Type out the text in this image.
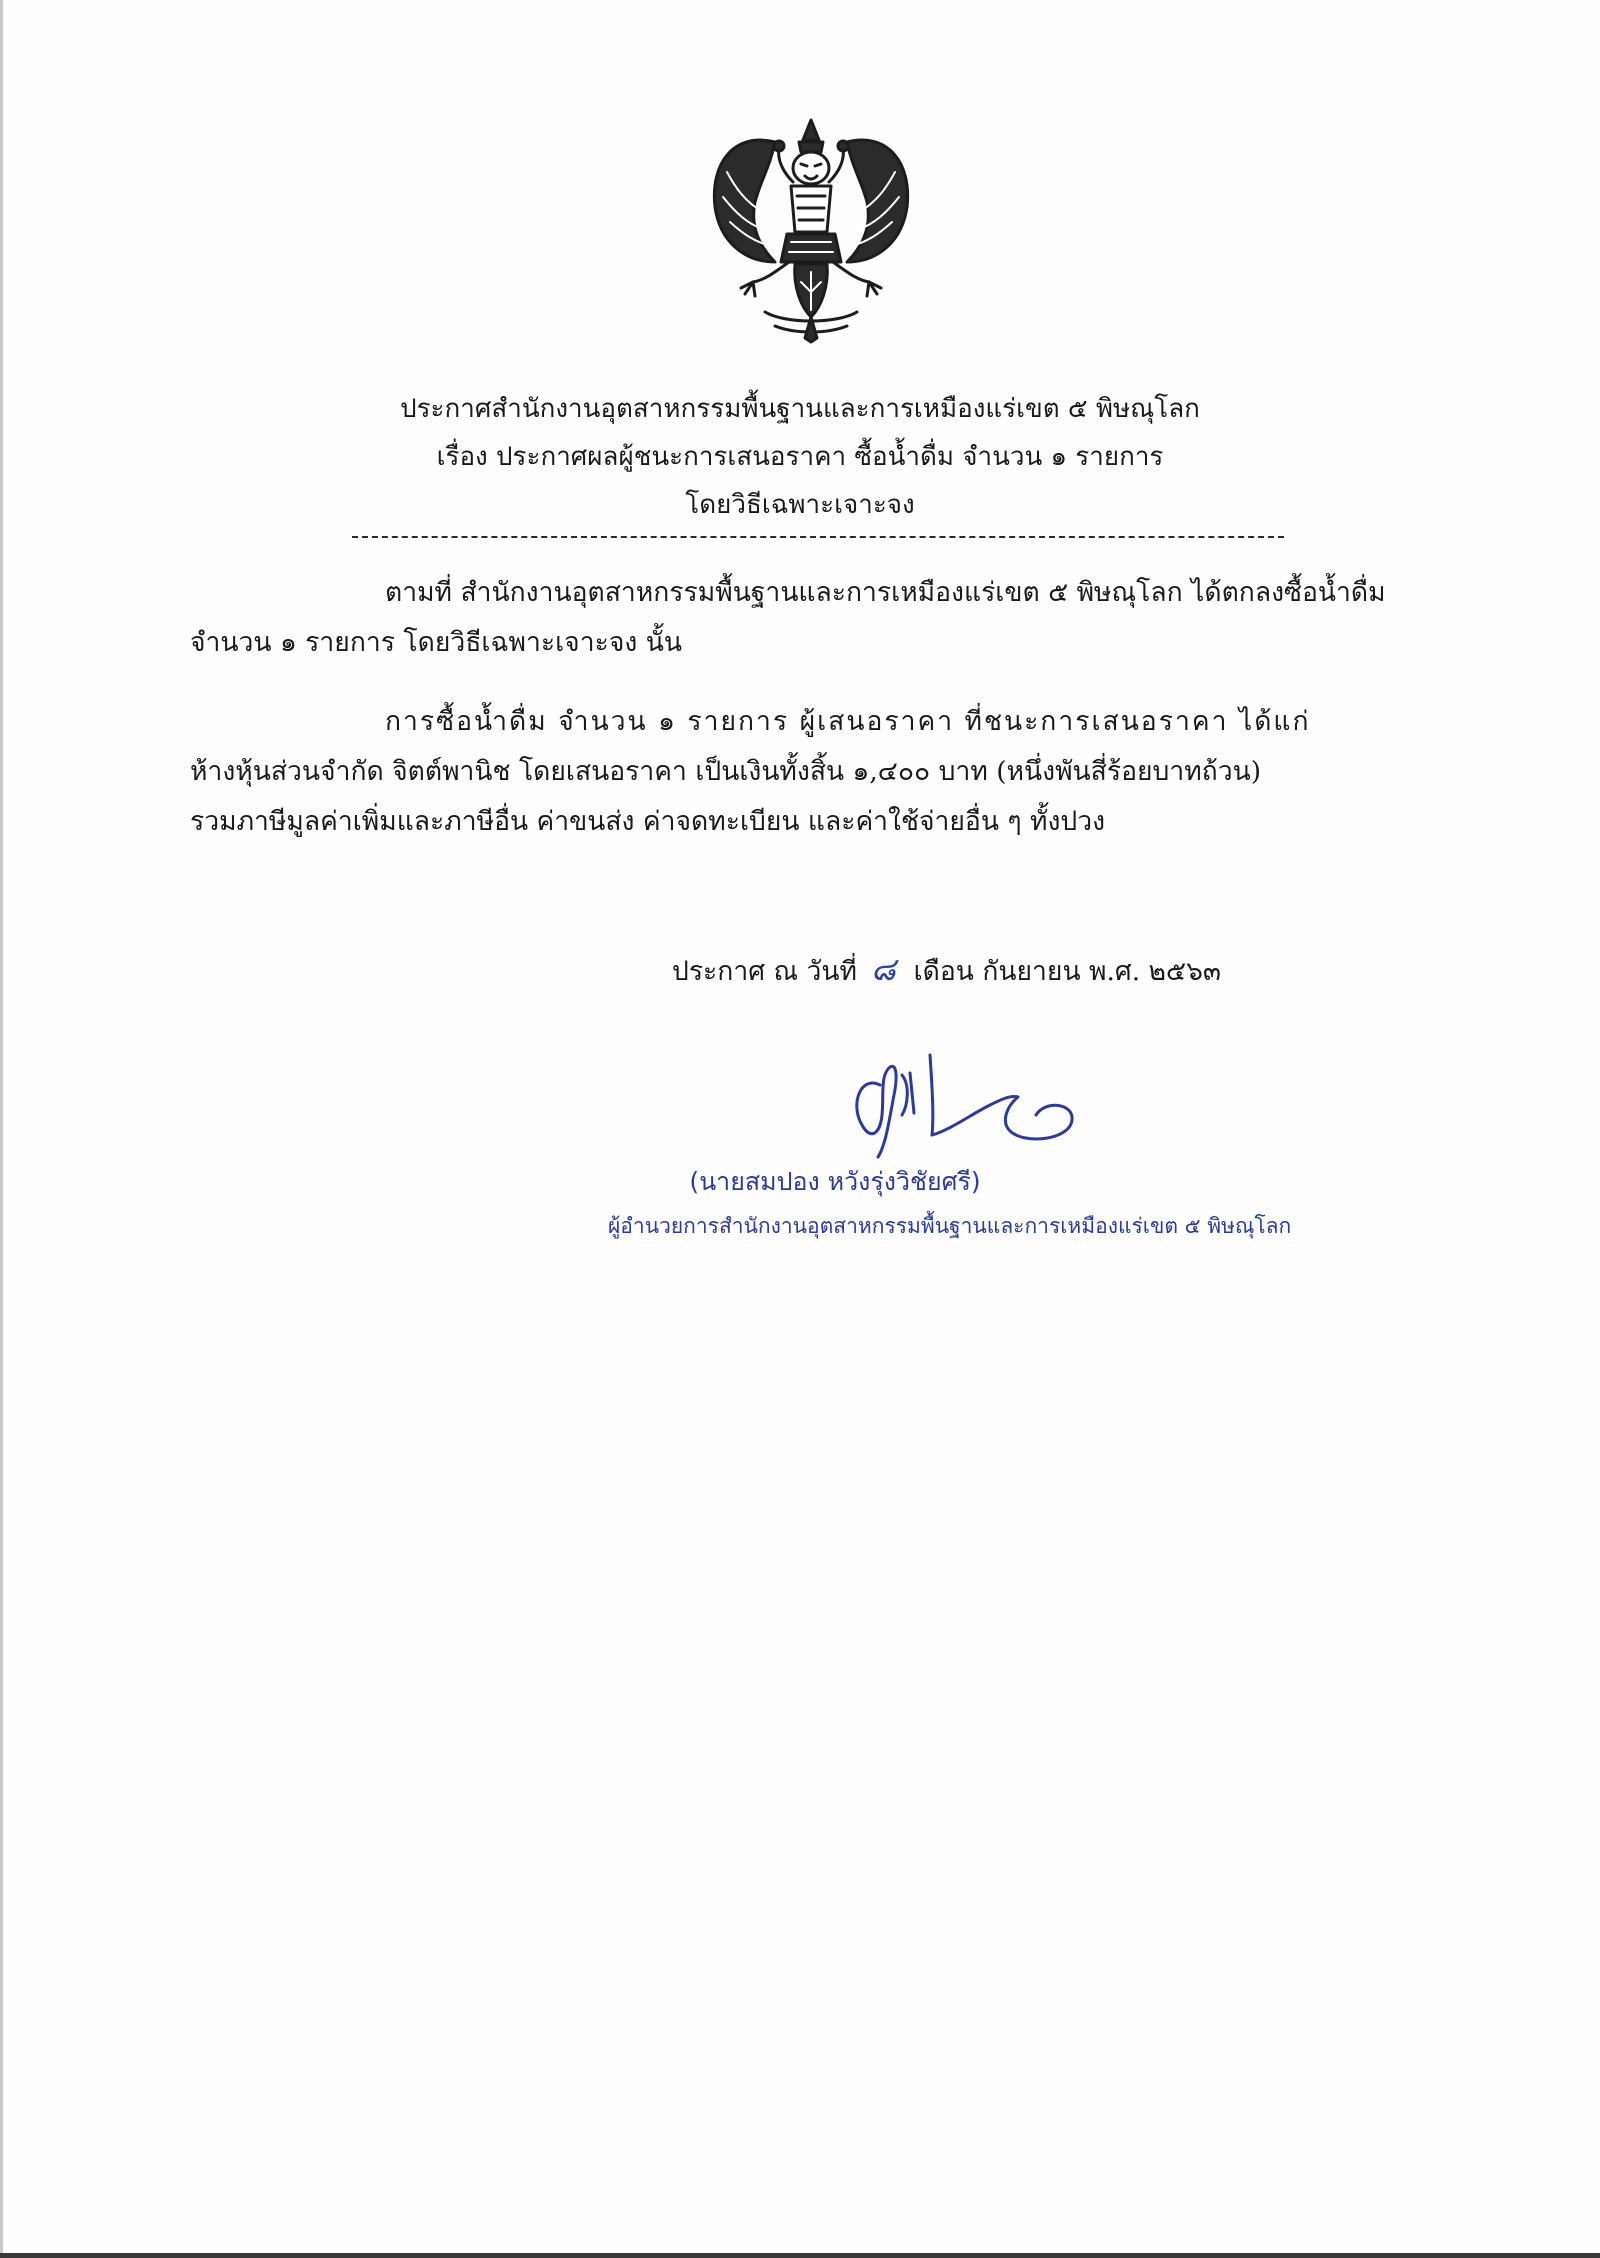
ประกาศสำนักงานอุตสาหกรรมพื้นฐานและการเหมืองแร่เขต ๕ พิษณุโลก
เรื่อง ประกาศผลผู้ชนะการเสนอราคา ซื้อน้ำดื่ม จำนวน ๑ รายการ
โดยวิธีเฉพาะเจาะจง
ตามที่ สำนักงานอุตสาหกรรมพื้นฐานและการเหมืองแร่เขต ๕ พิษณุโลก ได้ตกลงซื้อน้ำดื่ม
จำนวน ๑ รายการ โดยวิธีเฉพาะเจาะจง นั้น
การซื้อน้ำดื่ม จำนวน ๑ รายการ ผู้เสนอราคา ที่ชนะการเสนอราคา ได้แก่
ห้างหุ้นส่วนจำกัด จิตต์พานิช โดยเสนอราคา เป็นเงินทั้งสิ้น ๑,๔๐๐ บาท (หนึ่งพันสี่ร้อยบาทถ้วน)
รวมภาษีมูลค่าเพิ่มและภาษีอื่น ค่าขนส่ง ค่าจดทะเบียน และค่าใช้จ่ายอื่น ๆ ทั้งปวง
ประกาศ ณ วันที่ ๘ เดือน กันยายน พ.ศ. ๒๕๖๓
(นายสมปอง หวังรุ่งวิชัยศรี)
ผู้อำนวยการสำนักงานอุตสาหกรรมพื้นฐานและการเหมืองแร่เขต ๕ พิษณุโลก
